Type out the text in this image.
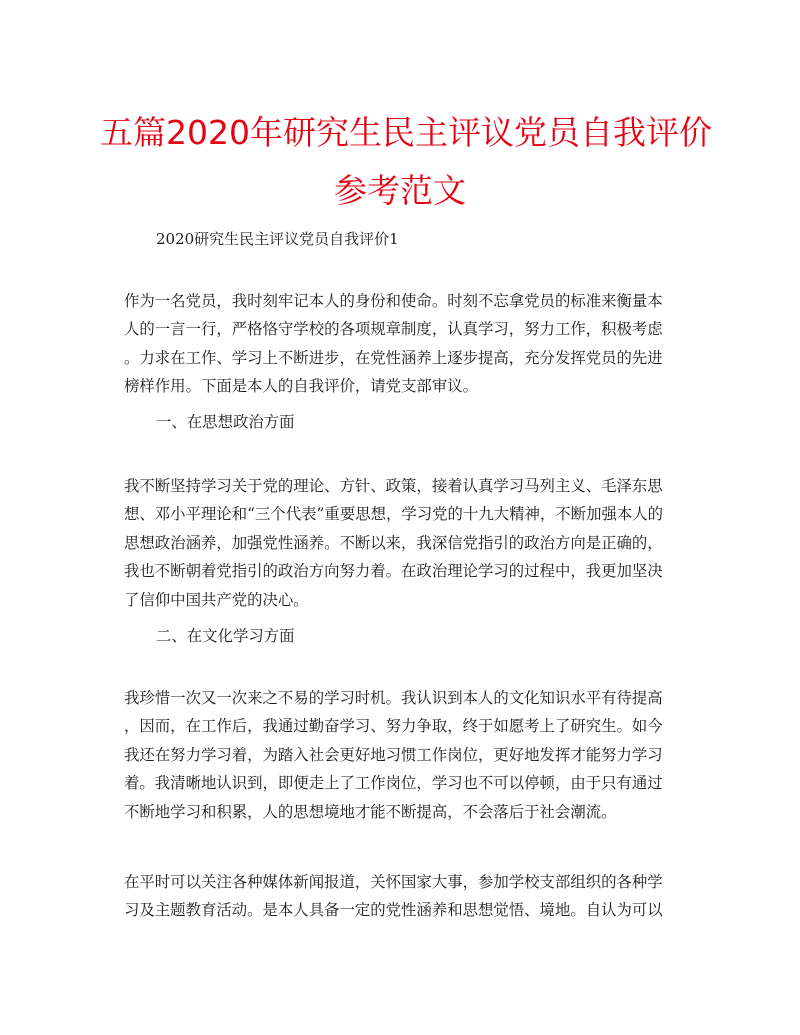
五篇2020年研究生民主评议党员自我评价
参考范文
2020研究生民主评议党员自我评价1
作为一名党员，我时刻牢记本人的身份和使命。时刻不忘拿党员的标准来衡量本
人的一言一行，严格恪守学校的各项规章制度，认真学习，努力工作，积极考虑
。力求在工作、学习上不断进步，在党性涵养上逐步提高，充分发挥党员的先进
榜样作用。下面是本人的自我评价，请党支部审议。
一、在思想政治方面
我不断坚持学习关于党的理论、方针、政策，接着认真学习马列主义、毛泽东思
想、邓小平理论和“三个代表”重要思想，学习党的十九大精神，不断加强本人的
思想政治涵养，加强党性涵养。不断以来，我深信党指引的政治方向是正确的，
我也不断朝着党指引的政治方向努力着。在政治理论学习的过程中，我更加坚决
了信仰中国共产党的决心。
二、在文化学习方面
我珍惜一次又一次来之不易的学习时机。我认识到本人的文化知识水平有待提高
，因而，在工作后，我通过勤奋学习、努力争取，终于如愿考上了研究生。如今
我还在努力学习着，为踏入社会更好地习惯工作岗位，更好地发挥才能努力学习
着。我清晰地认识到，即便走上了工作岗位，学习也不可以停顿，由于只有通过
不断地学习和积累，人的思想境地才能不断提高，不会落后于社会潮流。
在平时可以关注各种媒体新闻报道，关怀国家大事，参加学校支部组织的各种学
习及主题教育活动。是本人具备一定的党性涵养和思想觉悟、境地。自认为可以
